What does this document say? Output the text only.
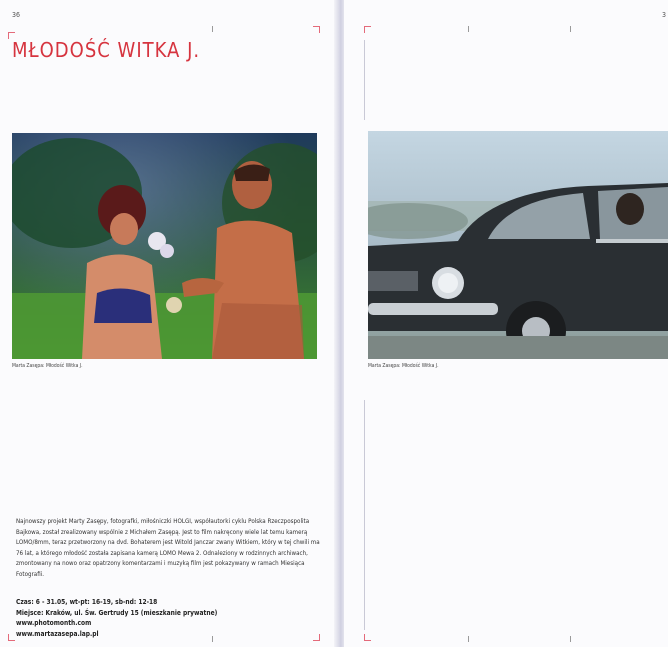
36

MŁODOŚĆ WITKA J.

Marta Zasępa: Młodość Witka J.

Najnowszy projekt Marty Zasępy, fotografki, miłośniczki HOLGI, współautorki cyklu Polska Rzeczpospolita Bajkowa, został zrealizowany wspólnie z Michałem Zasępą. Jest to film nakręcony wiele lat temu kamerą LOMO/8mm, teraz przetworzony na dvd. Bohaterem jest Witold Janczar zwany Witkiem, który w tej chwili ma 76 lat, a którego młodość została zapisana kamerą LOMO Mewa 2. Odnaleziony w rodzinnych archiwach, zmontowany na nowo oraz opatrzony komentarzami i muzyką film jest pokazywany w ramach Miesiąca Fotografii.

Czas: 6 - 31.05, wt-pt: 16-19, sb-nd: 12-18
Miejsce: Kraków, ul. Św. Gertrudy 15 (mieszkanie prywatne)
www.photomonth.com
www.martazasepa.lap.pl

3

Marta Zasępa: Młodość Witka J.
